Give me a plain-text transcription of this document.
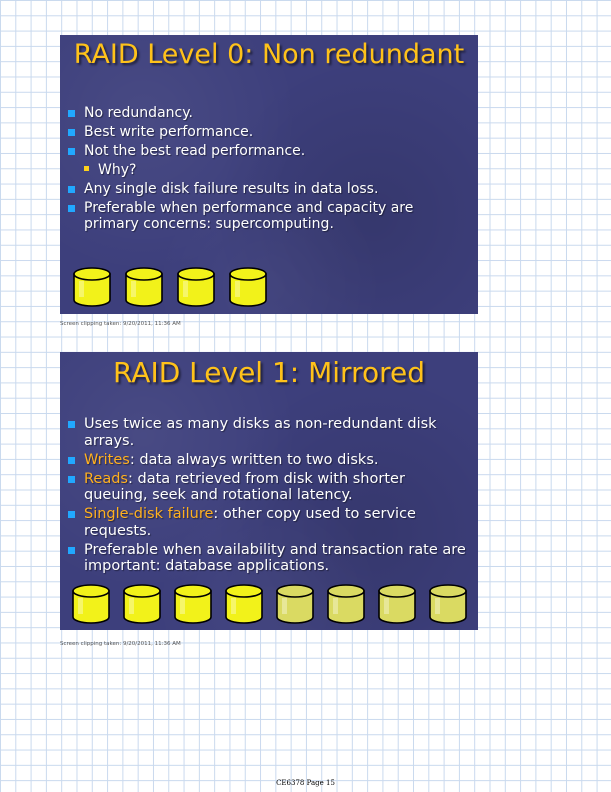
RAID Level 0: Non redundant
No redundancy.
Best write performance.
Not the best read performance.
Why?
Any single disk failure results in data loss.
Preferable when performance and capacity are primary concerns: supercomputing.
Screen clipping taken: 9/20/2011, 11:36 AM
RAID Level 1: Mirrored
Uses twice as many disks as non-redundant disk arrays.
Writes: data always written to two disks.
Reads: data retrieved from disk with shorter queuing, seek and rotational latency.
Single-disk failure: other copy used to service requests.
Preferable when availability and transaction rate are important: database applications.
Screen clipping taken: 9/20/2011, 11:36 AM
CE6378 Page 15
